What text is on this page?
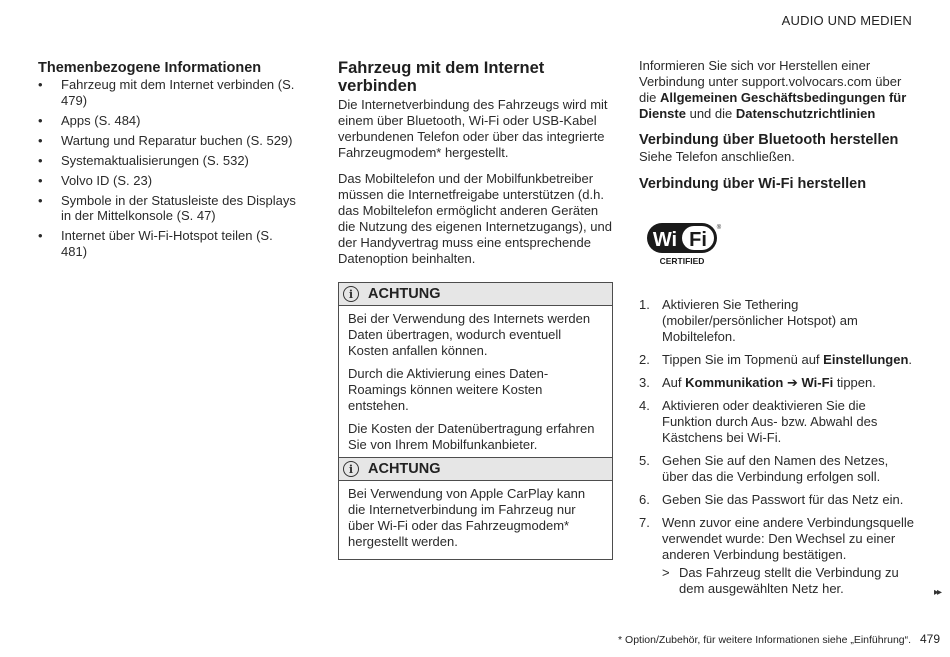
AUDIO UND MEDIEN
Themenbezogene Informationen
• Fahrzeug mit dem Internet verbinden (S. 479)
• Apps (S. 484)
• Wartung und Reparatur buchen (S. 529)
• Systemaktualisierungen (S. 532)
• Volvo ID (S. 23)
• Symbole in der Statusleiste des Displays in der Mittelkonsole (S. 47)
• Internet über Wi-Fi-Hotspot teilen (S. 481)
Fahrzeug mit dem Internet verbinden

Die Internetverbindung des Fahrzeugs wird mit einem über Bluetooth, Wi-Fi oder USB-Kabel verbundenen Telefon oder über das integrierte Fahrzeugmodem* hergestellt.

Das Mobiltelefon und der Mobilfunkbetreiber müssen die Internetfreigabe unterstützen (d.h. das Mobiltelefon ermöglicht anderen Geräten die Nutzung des eigenen Internetzugangs), und der Handyvertrag muss eine entsprechende Datenoption beinhalten.

i	ACHTUNG

Bei der Verwendung des Internets werden Daten übertragen, wodurch eventuell Kosten anfallen können.

Durch die Aktivierung eines Daten-Roamings können weitere Kosten entstehen.

Die Kosten der Datenübertragung erfahren Sie von Ihrem Mobilfunkanbieter.

i	ACHTUNG

Bei Verwendung von Apple CarPlay kann die Internetverbindung im Fahrzeug nur über Wi-Fi oder das Fahrzeugmodem* hergestellt werden.

Informieren Sie sich vor Herstellen einer Verbindung unter support.volvocars.com über die Allgemeinen Geschäftsbedingungen für Dienste und die Datenschutzrichtlinien

Verbindung über Bluetooth herstellen

Siehe Telefon anschließen.

Verbindung über Wi-Fi herstellen
Wi Fi
®
CERTIFIED
1. Aktivieren Sie Tethering (mobiler/persönlicher Hotspot) am Mobiltelefon.
2. Tippen Sie im Topmenü auf Einstellungen.
3. Auf Kommunikation ➔ Wi-Fi tippen.
4. Aktivieren oder deaktivieren Sie die Funktion durch Aus- bzw. Abwahl des Kästchens bei Wi-Fi.
5. Gehen Sie auf den Namen des Netzes, über das die Verbindung erfolgen soll.
6. Geben Sie das Passwort für das Netz ein.
7. Wenn zuvor eine andere Verbindungsquelle verwendet wurde: Den Wechsel zu einer anderen Verbindung bestätigen.
> Das Fahrzeug stellt die Verbindung zu dem ausgewählten Netz her.	▸▸
* Option/Zubehör, für weitere Informationen siehe „Einführung“. 479
